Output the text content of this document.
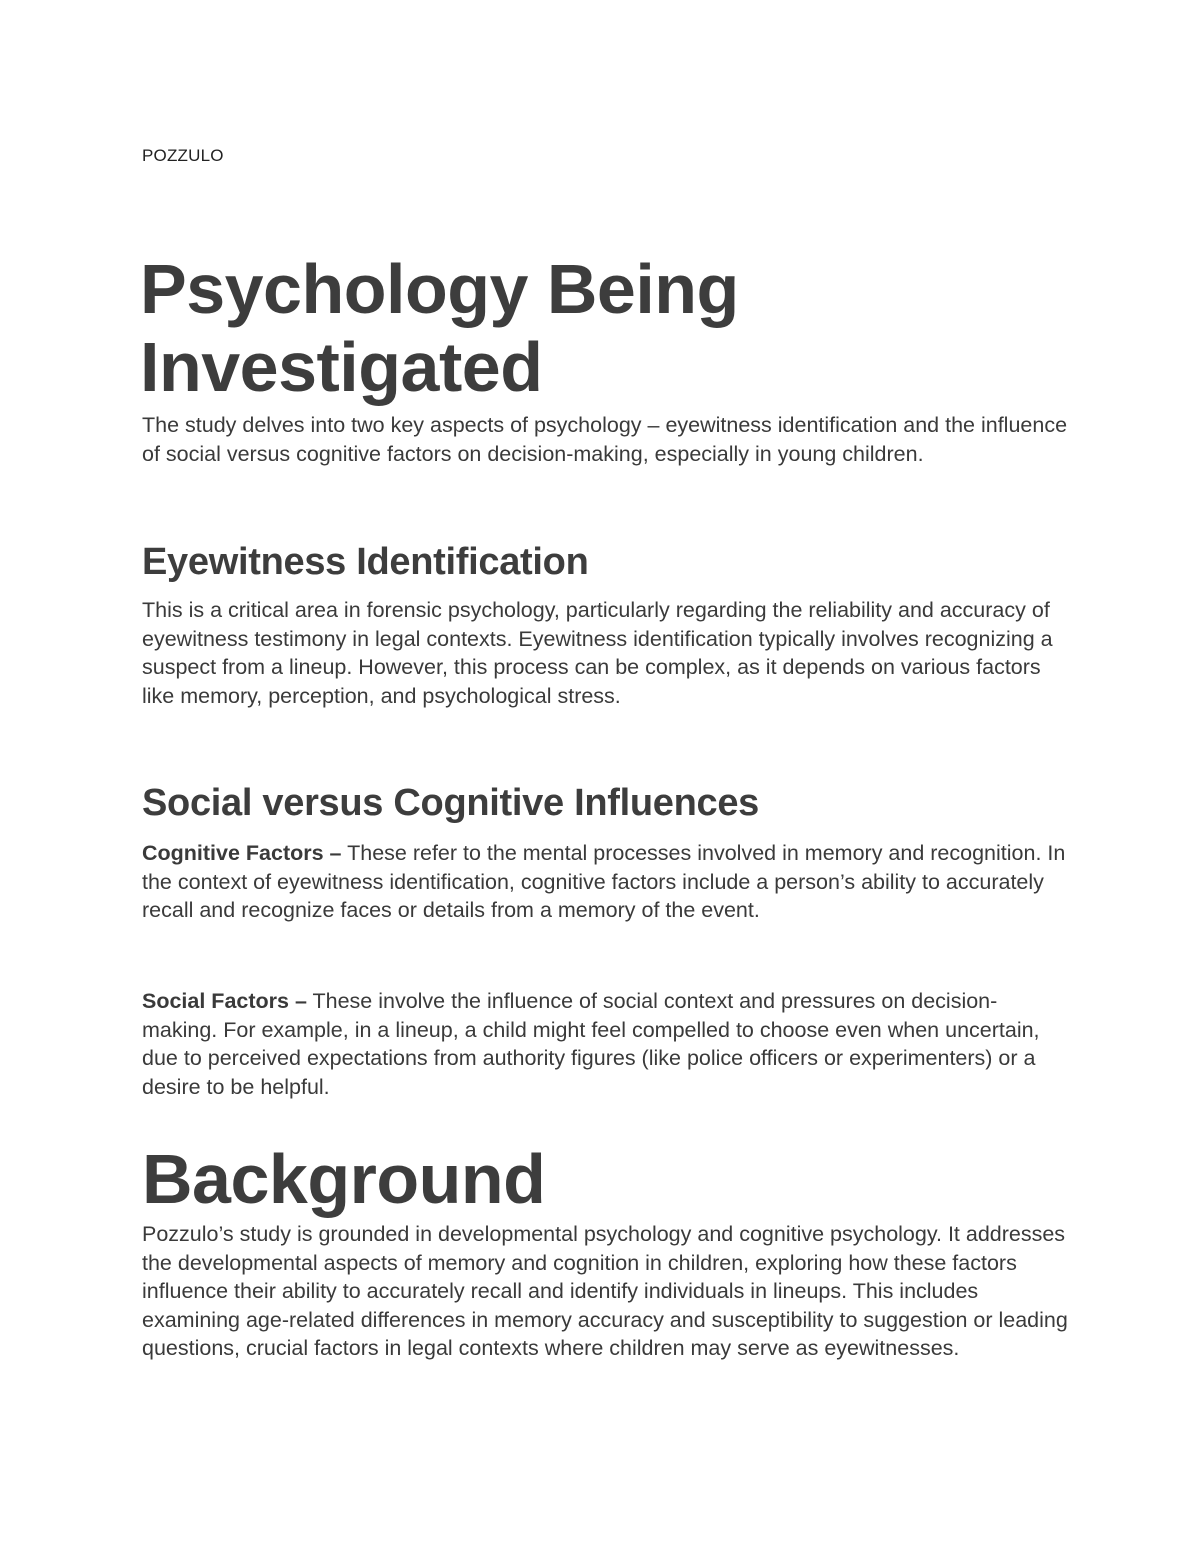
POZZULO
Psychology Being
Investigated

The study delves into two key aspects of psychology – eyewitness identification and the influence of social versus cognitive factors on decision-making, especially in young children.

Eyewitness Identification

This is a critical area in forensic psychology, particularly regarding the reliability and accuracy of eyewitness testimony in legal contexts. Eyewitness identification typically involves recognizing a suspect from a lineup. However, this process can be complex, as it depends on various factors like memory, perception, and psychological stress.

Social versus Cognitive Influences

Cognitive Factors – These refer to the mental processes involved in memory and recognition. In the context of eyewitness identification, cognitive factors include a person’s ability to accurately recall and recognize faces or details from a memory of the event.

Social Factors – These involve the influence of social context and pressures on decision-making. For example, in a lineup, a child might feel compelled to choose even when uncertain, due to perceived expectations from authority figures (like police officers or experimenters) or a desire to be helpful.

Background

Pozzulo’s study is grounded in developmental psychology and cognitive psychology. It addresses the developmental aspects of memory and cognition in children, exploring how these factors influence their ability to accurately recall and identify individuals in lineups. This includes examining age-related differences in memory accuracy and susceptibility to suggestion or leading questions, crucial factors in legal contexts where children may serve as eyewitnesses.
